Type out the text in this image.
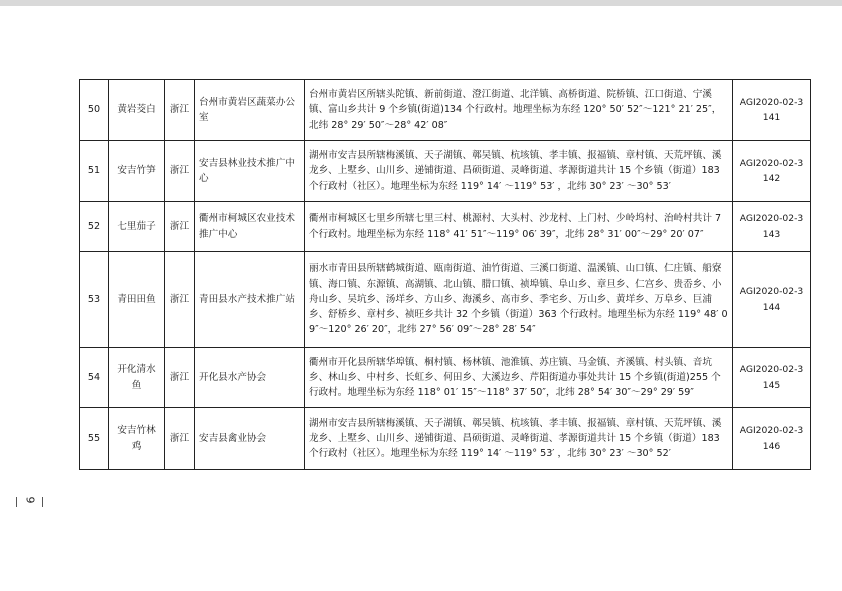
50	黄岩茭白	浙江	台州市黄岩区蔬菜办公室	台州市黄岩区所辖头陀镇、新前街道、澄江街道、北洋镇、高桥街道、院桥镇、江口街道、宁溪镇、富山乡共计 9 个乡镇(街道)134 个行政村。地理坐标为东经 120° 50′ 52″～121° 21′ 25″，北纬 28° 29′ 50″～28° 42′ 08″	AGI2020-02-3141
51	安吉竹笋	浙江	安吉县林业技术推广中心	湖州市安吉县所辖梅溪镇、天子湖镇、鄣吴镇、杭垓镇、孝丰镇、报福镇、章村镇、天荒坪镇、溪龙乡、上墅乡、山川乡、递铺街道、昌硕街道、灵峰街道、孝源街道共计 15 个乡镇（街道）183 个行政村（社区）。地理坐标为东经 119° 14′ ～119° 53′ ，北纬 30° 23′ ～30° 53′	AGI2020-02-3142
52	七里茄子	浙江	衢州市柯城区农业技术推广中心	衢州市柯城区七里乡所辖七里三村、桃源村、大头村、沙龙村、上门村、少岭坞村、治岭村共计 7 个行政村。地理坐标为东经 118° 41′ 51″～119° 06′ 39″，北纬 28° 31′ 00″～29° 20′ 07″	AGI2020-02-3143
53	青田田鱼	浙江	青田县水产技术推广站	丽水市青田县所辖鹤城街道、瓯南街道、油竹街道、三溪口街道、温溪镇、山口镇、仁庄镇、船寮镇、海口镇、东源镇、高湖镇、北山镇、腊口镇、祯埠镇、阜山乡、章旦乡、仁宫乡、贵岙乡、小舟山乡、吴坑乡、汤垟乡、方山乡、海溪乡、高市乡、季宅乡、万山乡、黄垟乡、万阜乡、巨浦乡、舒桥乡、章村乡、祯旺乡共计 32 个乡镇（街道）363 个行政村。地理坐标为东经 119° 48′ 09″～120° 26′ 20″，北纬 27° 56′ 09″～28° 28′ 54″	AGI2020-02-3144
54	开化清水鱼	浙江	开化县水产协会	衢州市开化县所辖华埠镇、桐村镇、杨林镇、池淮镇、苏庄镇、马金镇、齐溪镇、村头镇、音坑乡、林山乡、中村乡、长虹乡、何田乡、大溪边乡、芹阳街道办事处共计 15 个乡镇(街道)255 个行政村。地理坐标为东经 118° 01′ 15″～118° 37′ 50″，北纬 28° 54′ 30″～29° 29′ 59″	AGI2020-02-3145
55	安吉竹林鸡	浙江	安吉县禽业协会	湖州市安吉县所辖梅溪镇、天子湖镇、鄣吴镇、杭垓镇、孝丰镇、报福镇、章村镇、天荒坪镇、溪龙乡、上墅乡、山川乡、递铺街道、昌硕街道、灵峰街道、孝源街道共计 15 个乡镇（街道）183 个行政村（社区）。地理坐标为东经 119° 14′ ～119° 53′ ，北纬 30° 23′ ～30° 52′	AGI2020-02-3146
— 9 —
